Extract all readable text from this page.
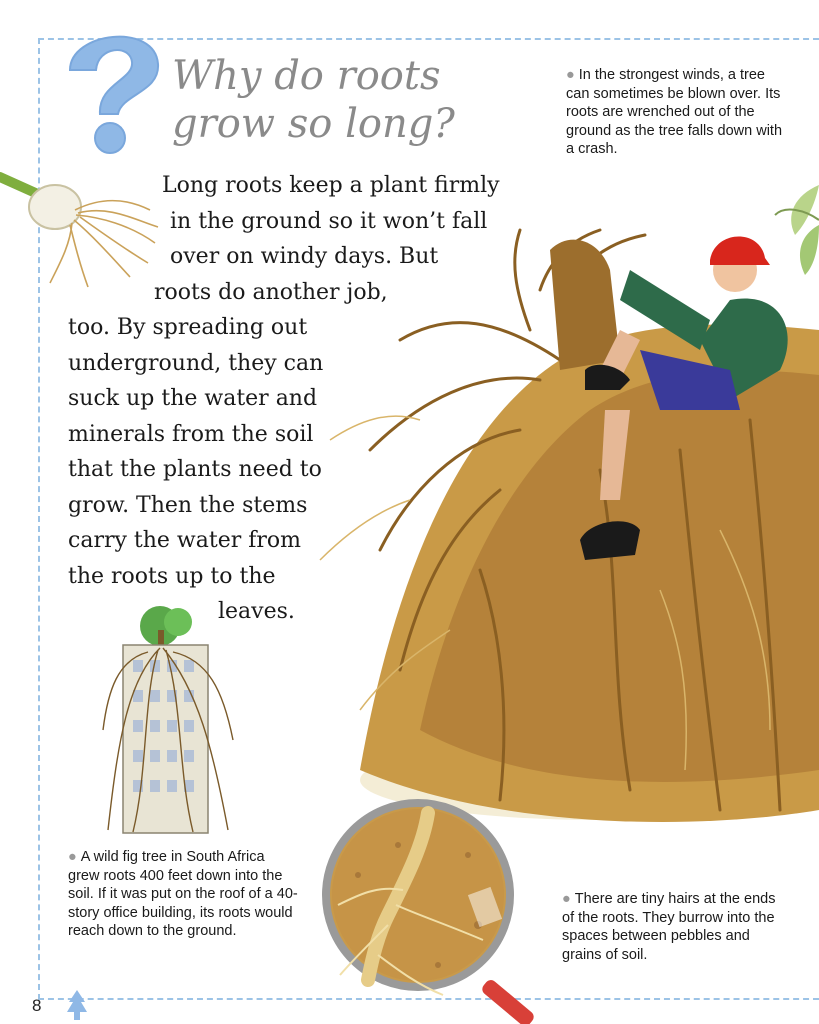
Why do roots
grow so long?

● In the strongest winds, a tree can sometimes be blown over. Its roots are wrenched out of the ground as the tree falls down with a crash.

Long roots keep a plant firmly
in the ground so it won’t fall
over on windy days. But
roots do another job,
too. By spreading out
underground, they can
suck up the water and
minerals from the soil
that the plants need to
grow. Then the stems
carry the water from
the roots up to the
leaves.

● A wild fig tree in South Africa grew roots 400 feet down into the soil. If it was put on the roof of a 40-story office building, its roots would reach down to the ground.

● There are tiny hairs at the ends of the roots. They burrow into the spaces between pebbles and grains of soil.

8
